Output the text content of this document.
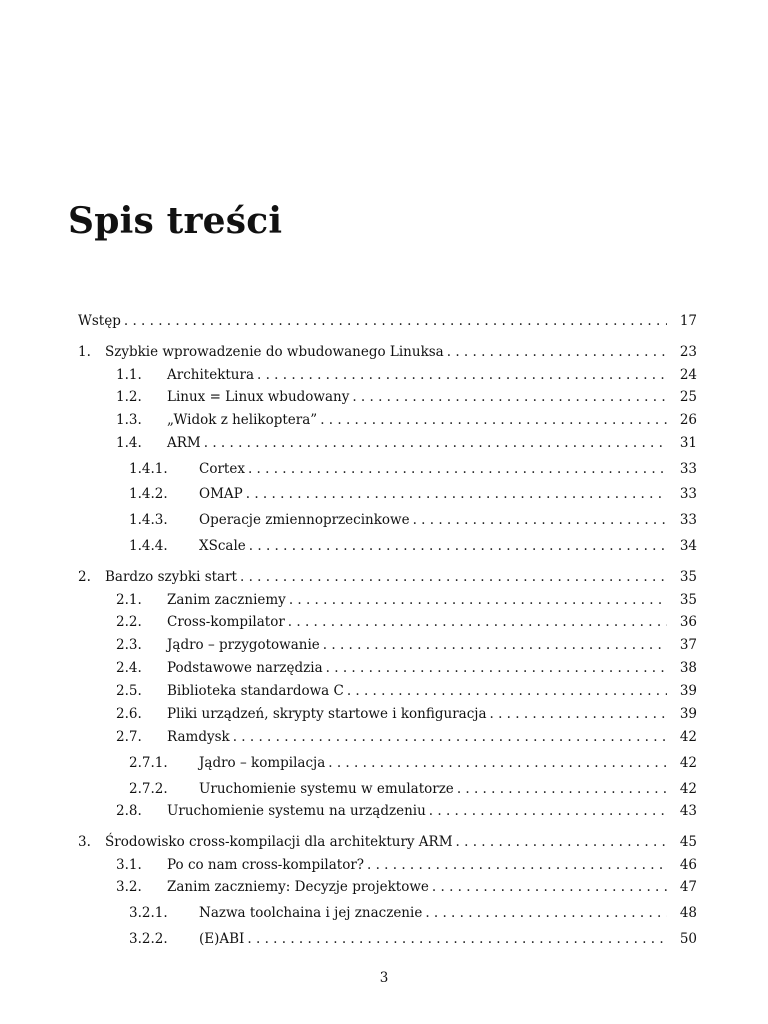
Spis treści
Wstęp . . .	17
1.	Szybkie wprowadzenie do wbudowanego Linuksa . . .	23
1.1.	Architektura . . .	24
1.2.	Linux = Linux wbudowany . . .	25
1.3.	„Widok z helikoptera” . . .	26
1.4.	ARM . . .	31
1.4.1.	Cortex . . .	33
1.4.2.	OMAP . . .	33
1.4.3.	Operacje zmiennoprzecinkowe . . .	33
1.4.4.	XScale . . .	34
2.	Bardzo szybki start . . .	35
2.1.	Zanim zaczniemy . . .	35
2.2.	Cross-kompilator . . .	36
2.3.	Jądro – przygotowanie . . .	37
2.4.	Podstawowe narzędzia . . .	38
2.5.	Biblioteka standardowa C . . .	39
2.6.	Pliki urządzeń, skrypty startowe i konfiguracja . . .	39
2.7.	Ramdysk . . .	42
2.7.1.	Jądro – kompilacja . . .	42
2.7.2.	Uruchomienie systemu w emulatorze . . .	42
2.8.	Uruchomienie systemu na urządzeniu . . .	43
3.	Środowisko cross-kompilacji dla architektury ARM . . .	45
3.1.	Po co nam cross-kompilator? . . .	46
3.2.	Zanim zaczniemy: Decyzje projektowe . . .	47
3.2.1.	Nazwa toolchaina i jej znaczenie . . .	48
3.2.2.	(E)ABI . . .	50
3
